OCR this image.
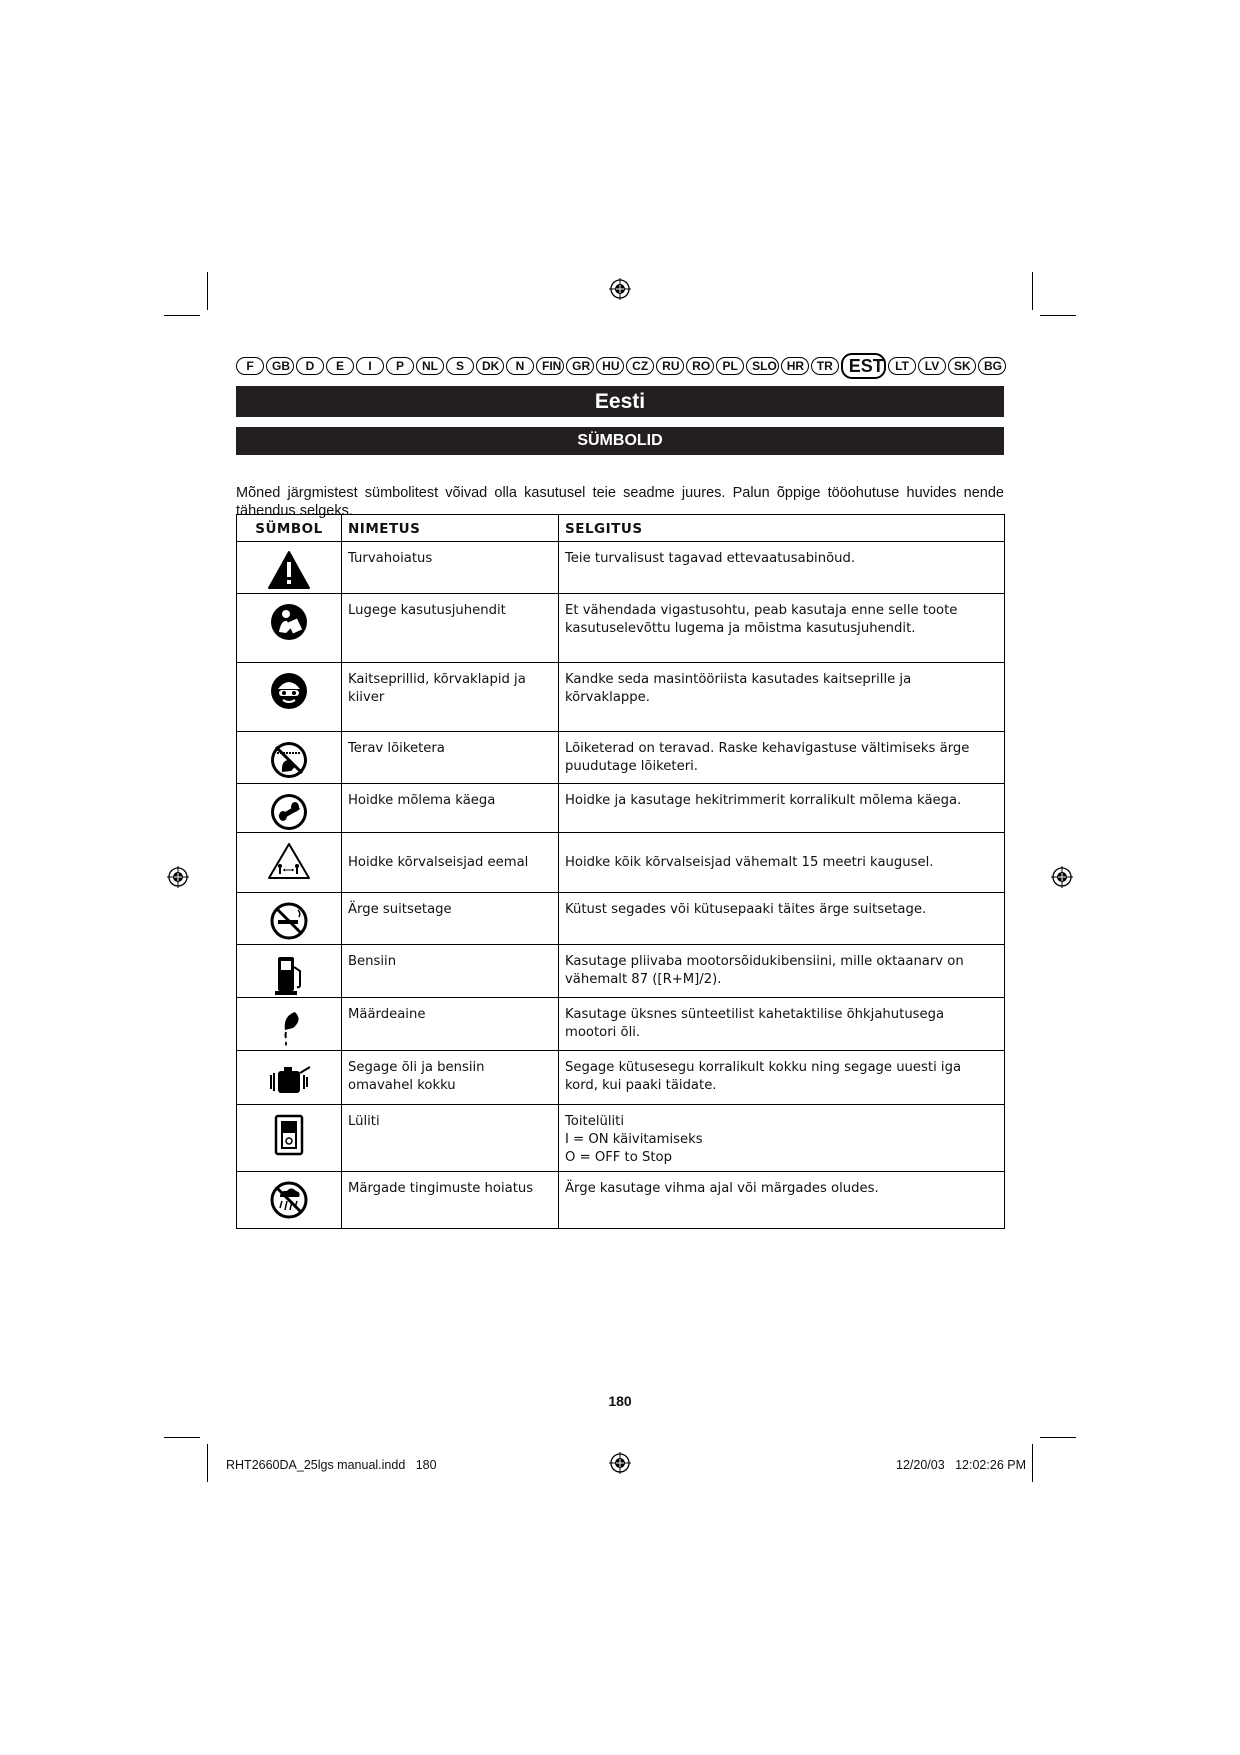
F	GB	D	E	I	P	NL	S	DK	N	FIN GR	HU	CZ	RU	RO	PL	SLO HR	TR EST LT	LV	SK	BG
Eesti
SÜMBOLID

Mõned järgmistest sümbolitest võivad olla kasutusel teie seadme juures. Palun õppige tööohutuse huvides nende tähendus selgeks.

SÜMBOL	NIMETUS	SELGITUS

	Turvahoiatus	Teie turvalisust tagavad ettevaatusabinõud.

	Lugege kasutusjuhendit	Et vähendada vigastusohtu, peab kasutaja enne selle toote kasutuselevõttu lugema ja mõistma kasutusjuhendit.

	Kaitseprillid, kõrvaklapid ja kiiver	Kandke seda masintööriista kasutades kaitseprille ja kõrvaklappe.

	Terav lõiketera	Lõiketerad on teravad. Raske kehavigastuse vältimiseks ärge puudutage lõiketeri.

	Hoidke mõlema käega	Hoidke ja kasutage hekitrimmerit korralikult mõlema käega.

	Hoidke kõrvalseisjad eemal	Hoidke kõik kõrvalseisjad vähemalt 15 meetri kaugusel.

	Ärge suitsetage	Kütust segades või kütusepaaki täites ärge suitsetage.

	Bensiin	Kasutage pliivaba mootorsõidukibensiini, mille oktaanarv on vähemalt 87 ([R+M]/2).

	Määrdeaine	Kasutage üksnes sünteetilist kahetaktilise õhkjahutusega mootori õli.

	Segage õli ja bensiin omavahel kokku	Segage kütusesegu korralikult kokku ning segage uuesti iga kord, kui paaki täidate.

	Lüliti	Toitelüliti
I = ON käivitamiseks
O = OFF to Stop

	Märgade tingimuste hoiatus	Ärge kasutage vihma ajal või märgades oludes.
180
RHT2660DA_25lgs manual.indd   180	12/20/03   12:02:26 PM
